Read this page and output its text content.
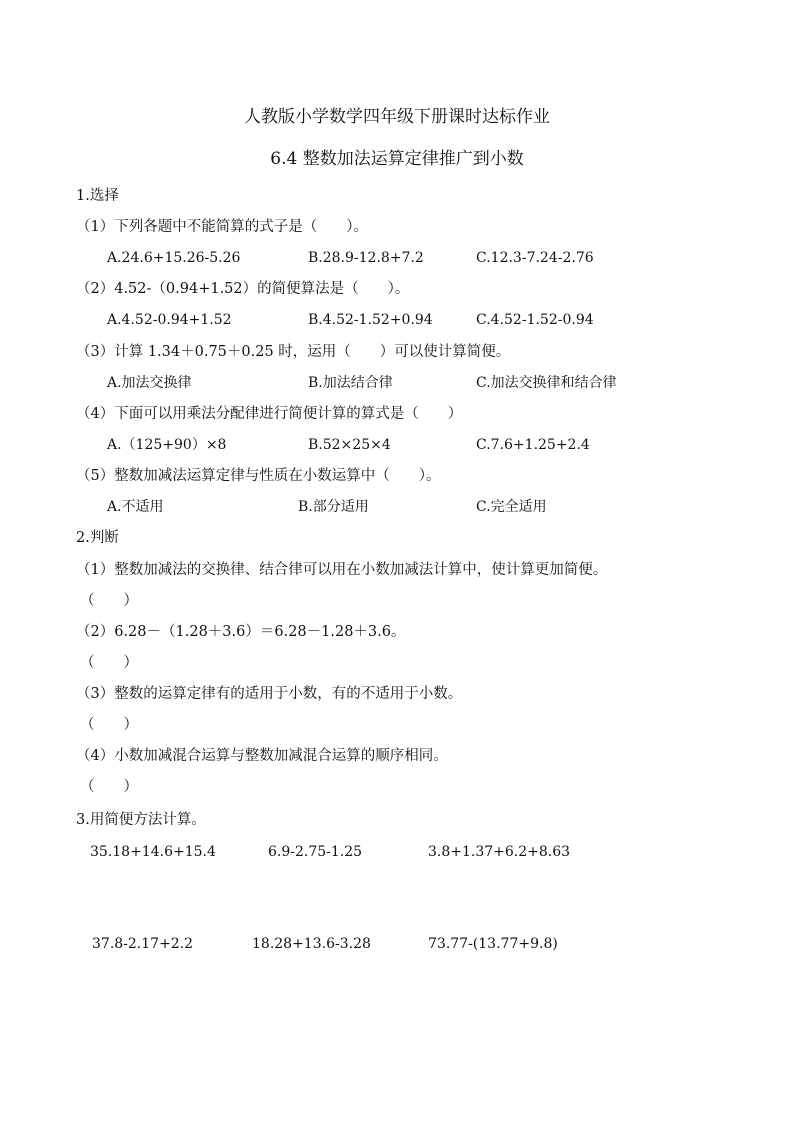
人教版小学数学四年级下册课时达标作业
6.4 整数加法运算定律推广到小数
1.选择
（1）下列各题中不能简算的式子是（　　）。
A.24.6+15.26-5.26	B.28.9-12.8+7.2	C.12.3-7.24-2.76
（2）4.52-（0.94+1.52）的简便算法是（　　）。
A.4.52-0.94+1.52	B.4.52-1.52+0.94	C.4.52-1.52-0.94
（3）计算 1.34＋0.75＋0.25 时，运用（　　）可以使计算简便。
A.加法交换律	B.加法结合律	C.加法交换律和结合律
（4）下面可以用乘法分配律进行简便计算的算式是（　　）
A.（125+90）×8	B.52×25×4	C.7.6+1.25+2.4
（5）整数加减法运算定律与性质在小数运算中（　　）。
A.不适用	B.部分适用	C.完全适用
2.判断
（1）整数加减法的交换律、结合律可以用在小数加减法计算中，使计算更加简便。
（　　）
（2）6.28－（1.28＋3.6）＝6.28－1.28＋3.6。
（　　）
（3）整数的运算定律有的适用于小数，有的不适用于小数。
（　　）
（4）小数加减混合运算与整数加减混合运算的顺序相同。
（　　）
3.用简便方法计算。
35.18+14.6+15.4	6.9-2.75-1.25	3.8+1.37+6.2+8.63
37.8-2.17+2.2	18.28+13.6-3.28	73.77-(13.77+9.8)
